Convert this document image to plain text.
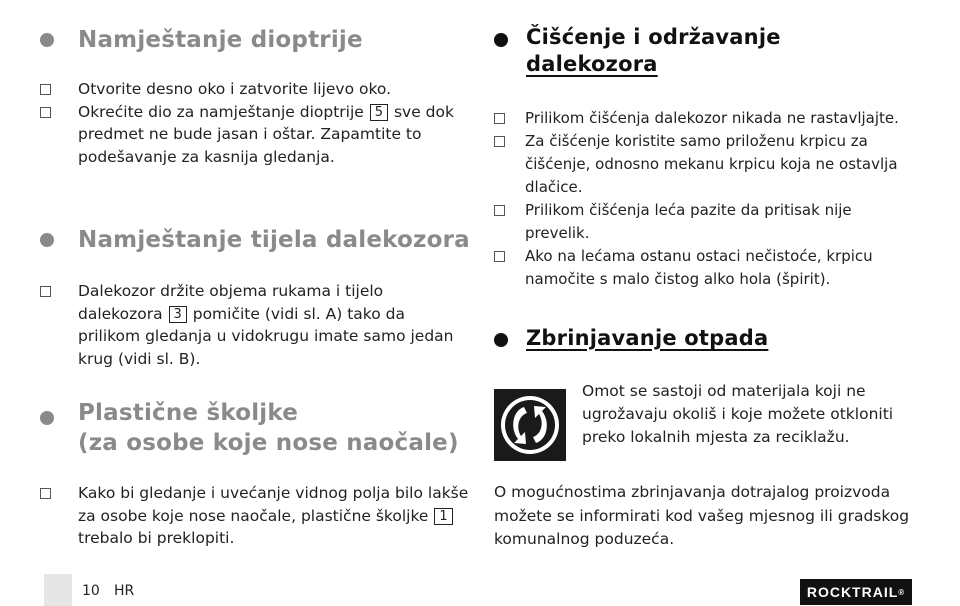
Namještanje dioptrije
Otvorite desno oko i zatvorite lijevo oko.
Okrećite dio za namještanje dioptrije 5 sve dok predmet ne bude jasan i oštar. Zapamtite to podešavanje za kasnija gledanja.
Namještanje tijela dalekozora
Dalekozor držite objema rukama i tijelo dalekozora 3 pomičite (vidi sl. A) tako da prilikom gledanja u vidokrugu imate samo jedan krug (vidi sl. B).
Plastične školjke
(za osobe koje nose naočale)
Kako bi gledanje i uvećanje vidnog polja bilo lakše za osobe koje nose naočale, plastične školjke 1 trebalo bi preklopiti.
Čišćenje i održavanje
dalekozora
Prilikom čišćenja dalekozor nikada ne rastavljajte.
Za čišćenje koristite samo priloženu krpicu za čišćenje, odnosno mekanu krpicu koja ne ostavlja dlačice.
Prilikom čišćenja leća pazite da pritisak nije prevelik.
Ako na lećama ostanu ostaci nečistoće, krpicu namočite s malo čistog alko hola (špirit).
Zbrinjavanje otpada
Omot se sastoji od materijala koji ne ugrožavaju okoliš i koje možete otkloniti preko lokalnih mjesta za reciklažu.
O mogućnostima zbrinjavanja dotrajalog proizvoda možete se informirati kod vašeg mjesnog ili gradskog komunalnog poduzeća.
10 HR	ROCKTRAIL ®
